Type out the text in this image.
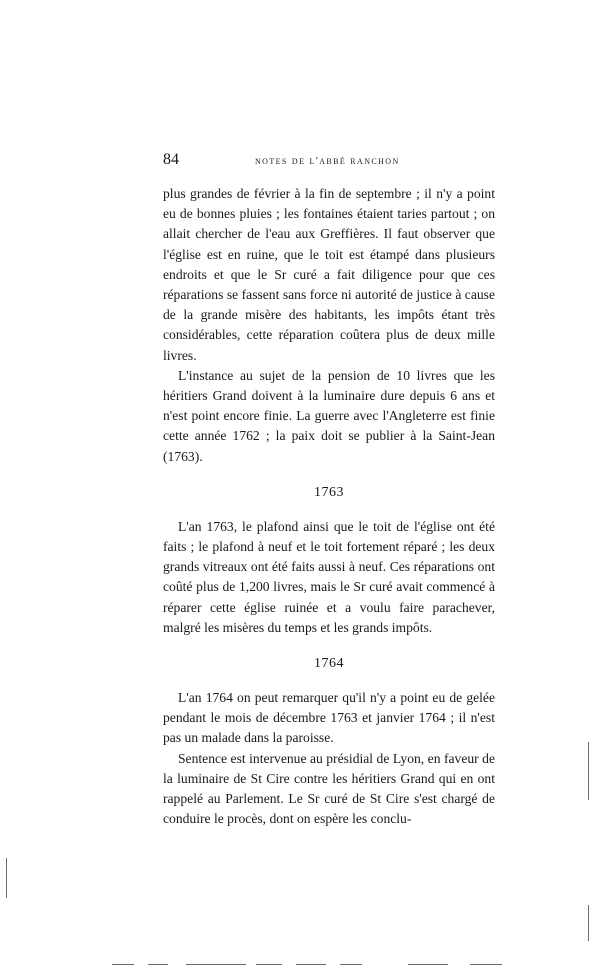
84	notes de l'abbé ranchon

plus grandes de février à la fin de septembre ; il n'y a point eu de bonnes pluies ; les fontaines étaient taries partout ; on allait chercher de l'eau aux Greffières. Il faut observer que l'église est en ruine, que le toit est étampé dans plusieurs endroits et que le Sr curé a fait diligence pour que ces réparations se fassent sans force ni autorité de justice à cause de la grande misère des habitants, les impôts étant très considérables, cette réparation coûtera plus de deux mille livres.

L'instance au sujet de la pension de 10 livres que les héritiers Grand doivent à la luminaire dure depuis 6 ans et n'est point encore finie. La guerre avec l'Angleterre est finie cette année 1762 ; la paix doit se publier à la Saint-Jean (1763).

1763

L'an 1763, le plafond ainsi que le toit de l'église ont été faits ; le plafond à neuf et le toit fortement réparé ; les deux grands vitreaux ont été faits aussi à neuf. Ces réparations ont coûté plus de 1,200 livres, mais le Sr curé avait commencé à réparer cette église ruinée et a voulu faire parachever, malgré les misères du temps et les grands impôts.

1764

L'an 1764 on peut remarquer qu'il n'y a point eu de gelée pendant le mois de décembre 1763 et janvier 1764 ; il n'est pas un malade dans la paroisse.

Sentence est intervenue au présidial de Lyon, en faveur de la luminaire de St Cire contre les héritiers Grand qui en ont rappelé au Parlement. Le Sr curé de St Cire s'est chargé de conduire le procès, dont on espère les conclu-
